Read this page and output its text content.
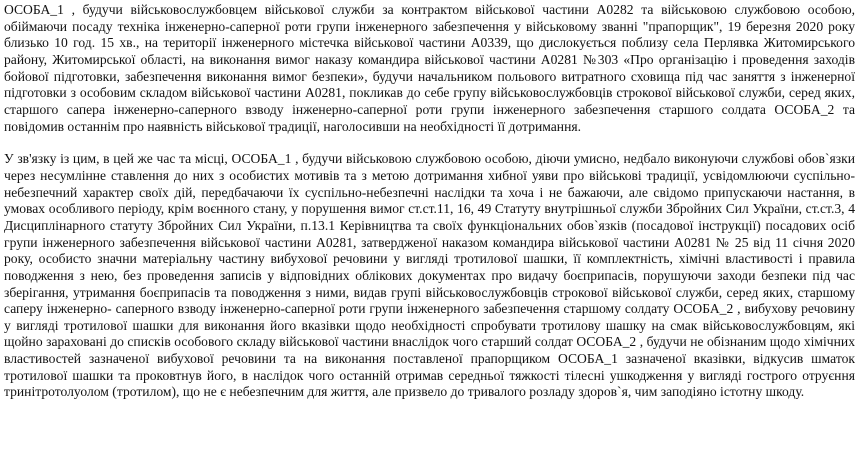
ОСОБА_1 , будучи військовослужбовцем військової служби за контрактом військової частини А0282 та військовою службовою особою, обіймаючи посаду техніка інженерно-саперної роти групи інженерного забезпечення у військовому званні "прапорщик", 19 березня 2020 року близько 10 год. 15 хв., на території інженерного містечка військової частини А0339, що дислокується поблизу села Перлявка Житомирського району, Житомирської області, на виконання вимог наказу командира військової частини А0281 №303 «Про організацію і проведення заходів бойової підготовки, забезпечення виконання вимог безпеки», будучи начальником польового витратного сховища під час заняття з інженерної підготовки з особовим складом військової частини А0281, покликав до себе групу військовослужбовців строкової військової служби, серед яких, старшого сапера інженерно-саперного взводу інженерно-саперної роти групи інженерного забезпечення старшого солдата ОСОБА_2 та повідомив останнім про наявність військової традиції, наголосивши на необхідності її дотримання.

У зв'язку із цим, в цей же час та місці, ОСОБА_1 , будучи військовою службовою особою, діючи умисно, недбало виконуючи службові обов`язки через несумлінне ставлення до них з особистих мотивів та з метою дотримання хибної уяви про військові традиції, усвідомлюючи суспільно-небезпечний характер своїх дій, передбачаючи їх суспільно-небезпечні наслідки та хоча і не бажаючи, але свідомо припускаючи настання, в умовах особливого періоду, крім воєнного стану, у порушення вимог ст.ст.11, 16, 49 Статуту внутрішньої служби Збройних Сил України, ст.ст.3, 4 Дисциплінарного статуту Збройних Сил України, п.13.1 Керівництва та своїх функціональних обов`язків (посадової інструкції) посадових осіб групи інженерного забезпечення військової частини А0281, затвердженої наказом командира військової частини А0281 № 25 від 11 січня 2020 року, особисто значни матеріальну частину вибухової речовини у вигляді тротилової шашки, її комплектність, хімічні властивості і правила поводження з нею, без проведення записів у відповідних облікових документах про видачу боєприпасів, порушуючи заходи безпеки під час зберігання, утримання боєприпасів та поводження з ними, видав групі військовослужбовців строкової військової служби, серед яких, старшому саперу інженерно- саперного взводу інженерно-саперної роти групи інженерного забезпечення старшому солдату ОСОБА_2 , вибухову речовину у вигляді тротилової шашки для виконання його вказівки щодо необхідності спробувати тротилову шашку на смак військовослужбовцям, які щойно зараховані до списків особового складу військової частини внаслідок чого старший солдат ОСОБА_2 , будучи не обізнаним щодо хімічних властивостей зазначеної вибухової речовини та на виконання поставленої прапорщиком ОСОБА_1 зазначеної вказівки, відкусив шматок тротилової шашки та проковтнув його, в наслідок чого останній отримав середньої тяжкості тілесні ушкодження у вигляді гострого отруєння тринітротолуолом (тротилом), що не є небезпечним для життя, але призвело до тривалого розладу здоров`я, чим заподіяно істотну шкоду.
